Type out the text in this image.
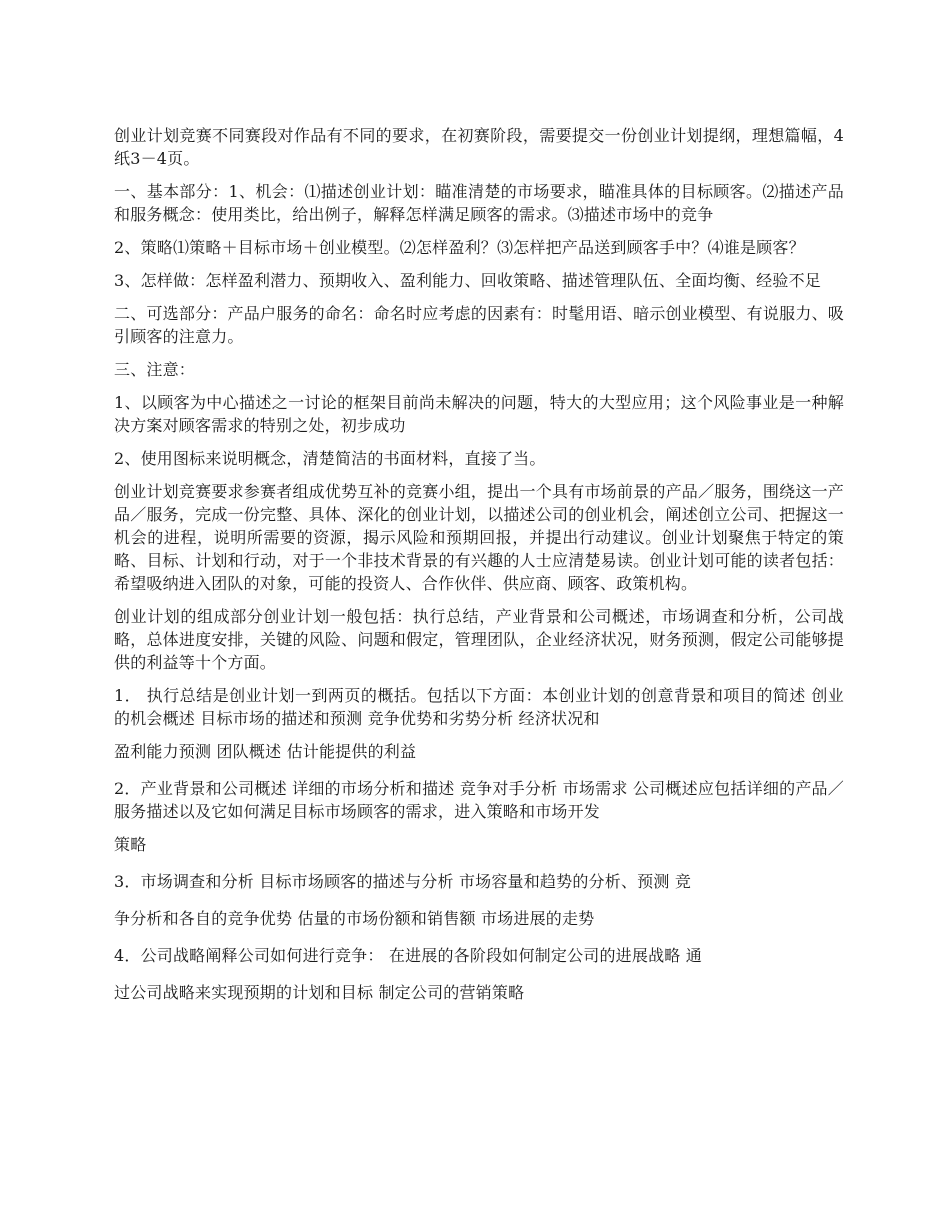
创业计划竞赛不同赛段对作品有不同的要求，在初赛阶段，需要提交一份创业计划提纲，理想篇幅，4纸3－4页。

一、基本部分：1、机会：⑴描述创业计划：瞄准清楚的市场要求，瞄准具体的目标顾客。⑵描述产品和服务概念：使用类比，给出例子，解释怎样满足顾客的需求。⑶描述市场中的竞争

2、策略⑴策略＋目标市场＋创业模型。⑵怎样盈利？⑶怎样把产品送到顾客手中？⑷谁是顾客？

3、怎样做：怎样盈利潜力、预期收入、盈利能力、回收策略、描述管理队伍、全面均衡、经验不足

二、可选部分：产品户服务的命名：命名时应考虑的因素有：时髦用语、暗示创业模型、有说服力、吸引顾客的注意力。

三、注意：

1、以顾客为中心描述之一讨论的框架目前尚未解决的问题，特大的大型应用；这个风险事业是一种解决方案对顾客需求的特别之处，初步成功

2、使用图标来说明概念，清楚简洁的书面材料，直接了当。

创业计划竞赛要求参赛者组成优势互补的竞赛小组，提出一个具有市场前景的产品／服务，围绕这一产品／服务，完成一份完整、具体、深化的创业计划，以描述公司的创业机会，阐述创立公司、把握这一机会的进程，说明所需要的资源，揭示风险和预期回报，并提出行动建议。创业计划聚焦于特定的策略、目标、计划和行动，对于一个非技术背景的有兴趣的人士应清楚易读。创业计划可能的读者包括：希望吸纳进入团队的对象，可能的投资人、合作伙伴、供应商、顾客、政策机构。

创业计划的组成部分创业计划一般包括：执行总结，产业背景和公司概述，市场调查和分析，公司战略，总体进度安排，关键的风险、问题和假定，管理团队，企业经济状况，财务预测，假定公司能够提供的利益等十个方面。

1． 执行总结是创业计划一到两页的概括。包括以下方面：本创业计划的创意背景和项目的简述 创业的机会概述 目标市场的描述和预测 竞争优势和劣势分析 经济状况和

盈利能力预测 团队概述 估计能提供的利益

2．产业背景和公司概述 详细的市场分析和描述 竞争对手分析 市场需求 公司概述应包括详细的产品／服务描述以及它如何满足目标市场顾客的需求，进入策略和市场开发

策略

3．市场调查和分析 目标市场顾客的描述与分析 市场容量和趋势的分析、预测 竞

争分析和各自的竞争优势 估量的市场份额和销售额 市场进展的走势

4．公司战略阐释公司如何进行竞争： 在进展的各阶段如何制定公司的进展战略 通

过公司战略来实现预期的计划和目标 制定公司的营销策略
